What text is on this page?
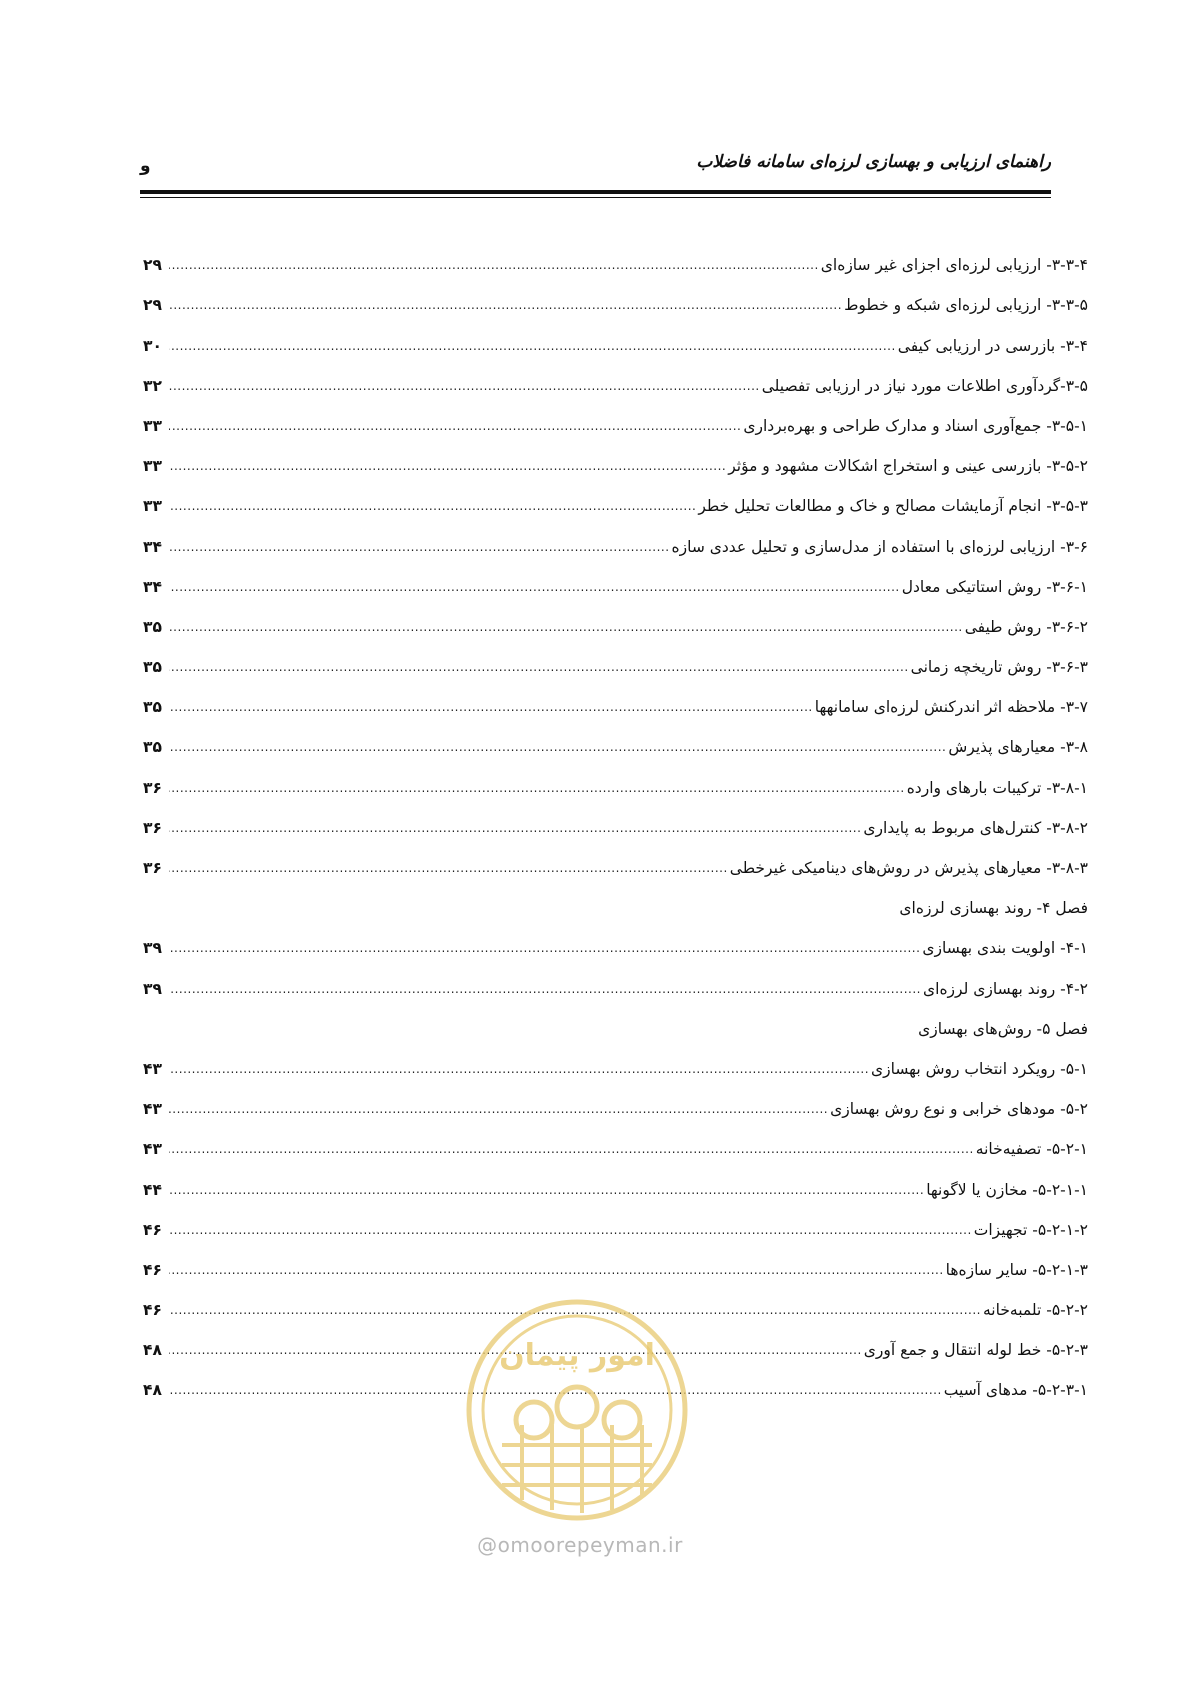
راهنمای ارزیابی و بهسازی لرزه‌ای سامانه فاضلاب
و
۳-۳-۴- ارزیابی لرزه‌ای اجزای غیر سازه‌ای
.....
۲۹
۳-۳-۵- ارزیابی لرزه‌ای شبکه و خطوط
.....
۲۹
۳-۴- بازرسی در ارزیابی کیفی
.....
۳۰
۳-۵-گردآوری اطلاعات مورد نیاز در ارزیابی تفصیلی
.....
۳۲
۳-۵-۱- جمع‌آوری اسناد و مدارک طراحی و بهره‌برداری
.....
۳۳
۳-۵-۲- بازرسی عینی و استخراج اشکالات مشهود و مؤثر
.....
۳۳
۳-۵-۳- انجام آزمایشات مصالح و خاک و مطالعات تحلیل خطر
.....
۳۳
۳-۶- ارزیابی لرزه‌ای با استفاده از مدل‌سازی و تحلیل عددی سازه
.....
۳۴
۳-۶-۱- روش استاتیکی معادل
.....
۳۴
۳-۶-۲- روش طیفی
.....
۳۵
۳-۶-۳- روش تاریخچه زمانی
.....
۳۵
۳-۷- ملاحظه اثر اندرکنش لرزه‌ای سامانهها
.....
۳۵
۳-۸- معیارهای پذیرش
.....
۳۵
۳-۸-۱- ترکیبات بارهای وارده
.....
۳۶
۳-۸-۲- کنترل‌های مربوط به پایداری
.....
۳۶
۳-۸-۳- معیارهای پذیرش در روش‌های دینامیکی غیرخطی
.....
۳۶
فصل ۴- روند بهسازی لرزه‌ای
۴-۱- اولویت بندی بهسازی
.....
۳۹
۴-۲- روند بهسازی لرزه‌ای
.....
۳۹
فصل ۵- روش‌های بهسازی
۵-۱- رویکرد انتخاب روش بهسازی
.....
۴۳
۵-۲- مودهای خرابی و نوع روش بهسازی
.....
۴۳
۵-۲-۱- تصفیه‌خانه
.....
۴۳
۵-۲-۱-۱- مخازن یا لاگونها
.....
۴۴
۵-۲-۱-۲- تجهیزات
.....
۴۶
۵-۲-۱-۳- سایر سازه‌ها
.....
۴۶
۵-۲-۲- تلمبه‌خانه
.....
۴۶
۵-۲-۳- خط لوله انتقال و جمع آوری
.....
۴۸
۵-۲-۳-۱- مدهای آسیب
.....
۴۸
امور پیمان
@omoorepeyman.ir
